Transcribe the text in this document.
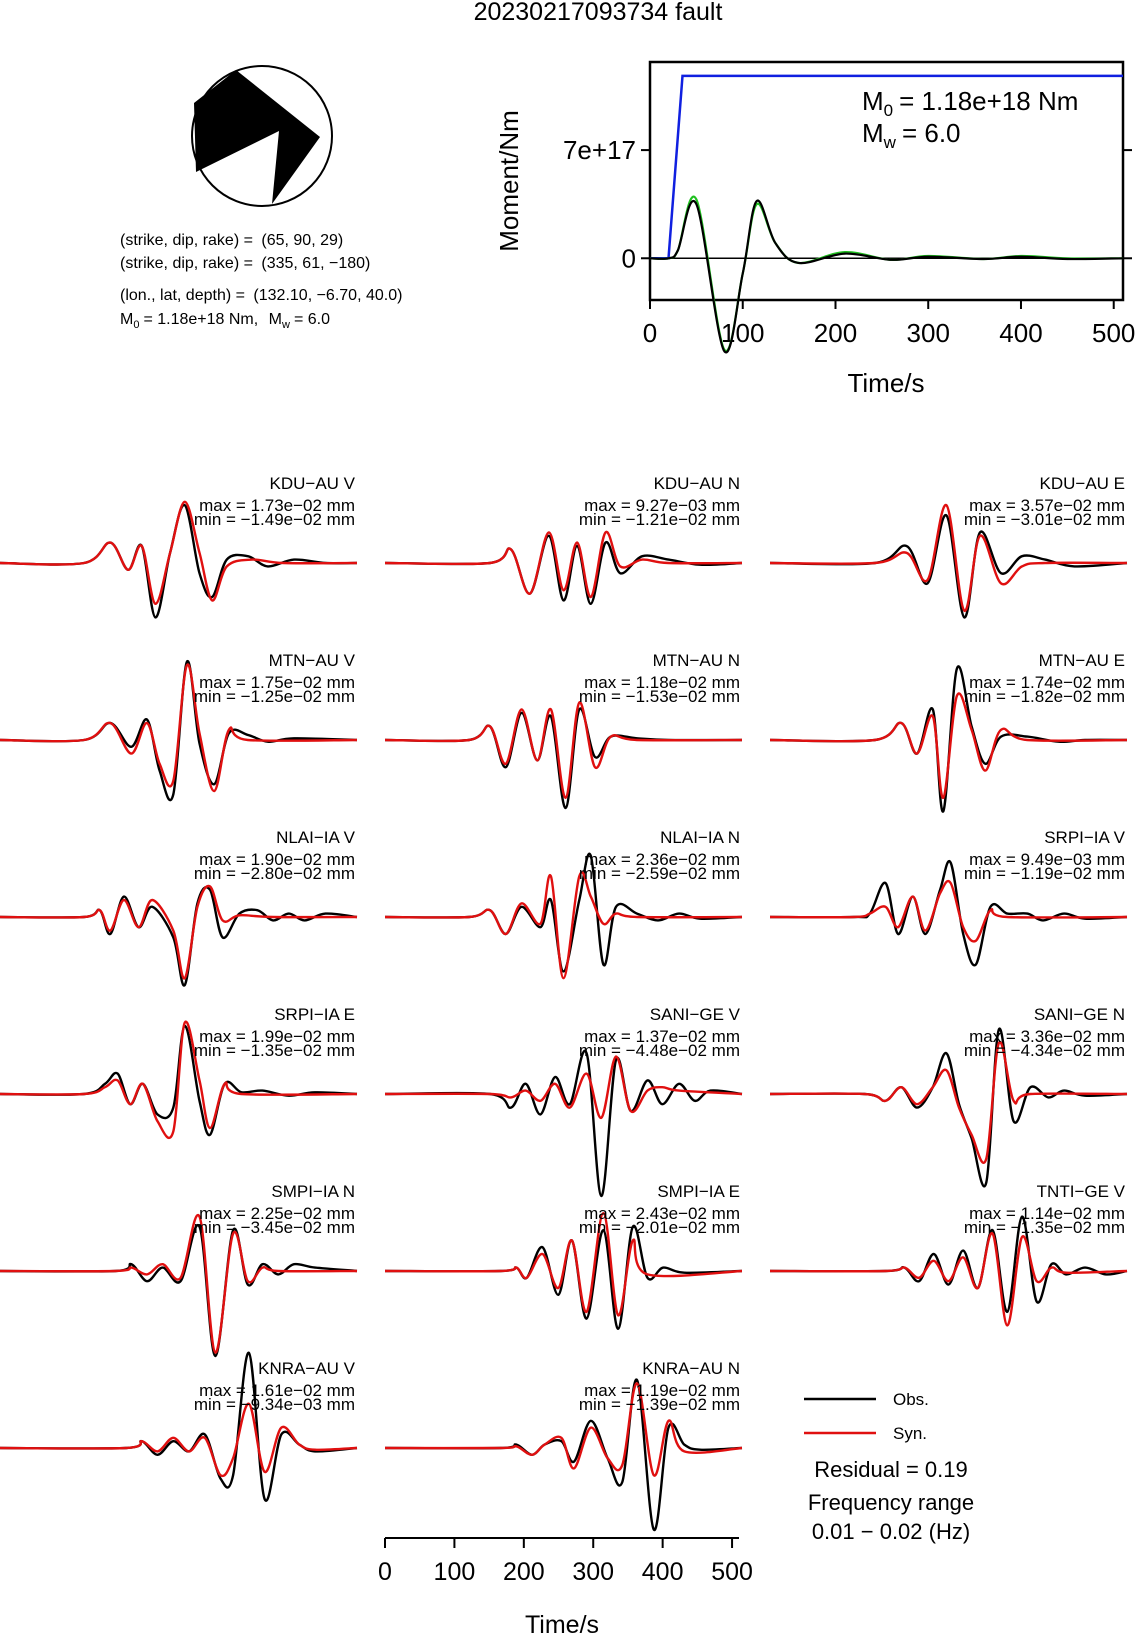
20230217093734 fault
(strike, dip, rake) = (65, 90, 29)
(strike, dip, rake) = (335, 61, −180)
(lon., lat, depth) = (132.10, −6.70, 40.0)
$M_0 = 1.18e+18$ Nm, $M_w = 6.0$
Moment/Nm
Time/s
0
7e+17
0 100 200 300 400 500
$M_0 = 1.18e+18$ Nm
$M_w = 6.0$
KDU−AU V
max = 1.73e−02 mm
min = −1.49e−02 mm
KDU−AU N
max = 9.27e−03 mm
min = −1.21e−02 mm
KDU−AU E
max = 3.57e−02 mm
min = −3.01e−02 mm
MTN−AU V
max = 1.75e−02 mm
min = −1.25e−02 mm
MTN−AU N
max = 1.18e−02 mm
min = −1.53e−02 mm
MTN−AU E
max = 1.74e−02 mm
min = −1.82e−02 mm
NLAI−IA V
max = 1.90e−02 mm
min = −2.80e−02 mm
NLAI−IA N
max = 2.36e−02 mm
min = −2.59e−02 mm
SRPI−IA V
max = 9.49e−03 mm
min = −1.19e−02 mm
SRPI−IA E
max = 1.99e−02 mm
min = −1.35e−02 mm
SANI−GE V
max = 1.37e−02 mm
min = −4.48e−02 mm
SANI−GE N
max = 3.36e−02 mm
min = −4.34e−02 mm
SMPI−IA N
max = 2.25e−02 mm
min = −3.45e−02 mm
SMPI−IA E
max = 2.43e−02 mm
min = −2.01e−02 mm
TNTI−GE V
max = 1.14e−02 mm
min = −1.35e−02 mm
KNRA−AU V
max = 1.61e−02 mm
min = −9.34e−03 mm
KNRA−AU N
max = 1.19e−02 mm
min = −1.39e−02 mm
0 100 200 300 400 500
Time/s
Obs.
Syn.
Residual = 0.19
Frequency range
0.01 − 0.02 (Hz)
